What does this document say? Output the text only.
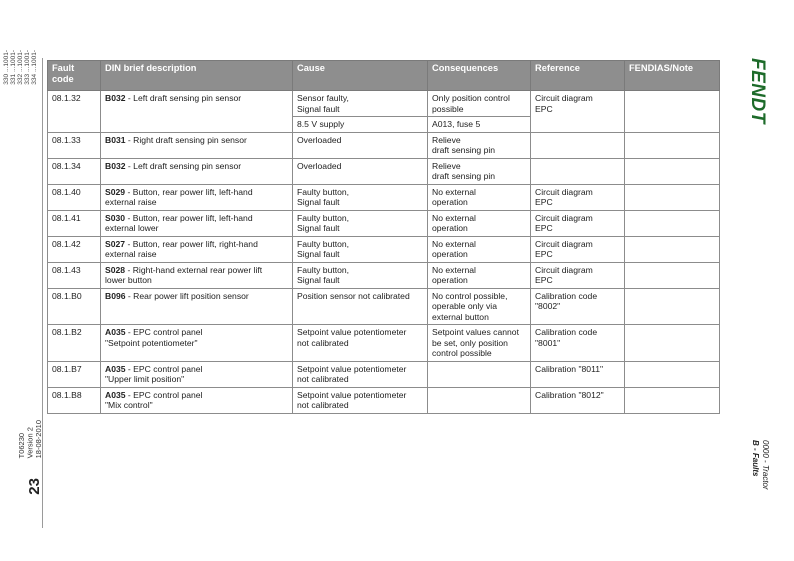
330 ...1001-
331 ...1001-
332 ...1001-
333 ...1001-
334 ...1001-
T06230 Version 2 18-08-2010
23
FENDT
0000 - Tractor
B - Faults
Fault
code	DIN brief description	Cause	Consequences	Reference	FENDIAS/Note
08.1.32	B032 - Left draft sensing pin sensor	Sensor faulty,
Signal fault	Only position control
possible	Circuit diagram
EPC	
		8.5 V supply	A013, fuse 5		
08.1.33	B031 - Right draft sensing pin sensor	Overloaded	Relieve
draft sensing pin		
08.1.34	B032 - Left draft sensing pin sensor	Overloaded	Relieve
draft sensing pin		
08.1.40	S029 - Button, rear power lift, left-hand
external raise	Faulty button,
Signal fault	No external
operation	Circuit diagram
EPC	
08.1.41	S030 - Button, rear power lift, left-hand
external lower	Faulty button,
Signal fault	No external
operation	Circuit diagram
EPC	
08.1.42	S027 - Button, rear power lift, right-hand
external raise	Faulty button,
Signal fault	No external
operation	Circuit diagram
EPC	
08.1.43	S028 - Right-hand external rear power lift
lower button	Faulty button,
Signal fault	No external
operation	Circuit diagram
EPC	
08.1.B0	B096 - Rear power lift position sensor	Position sensor not calibrated	No control possible,
operable only via
external button	Calibration code
"8002"	
08.1.B2	A035 - EPC control panel
"Setpoint potentiometer"	Setpoint value potentiometer
not calibrated	Setpoint values cannot
be set, only position
control possible	Calibration code
"8001"	
08.1.B7	A035 - EPC control panel
"Upper limit position"	Setpoint value potentiometer
not calibrated		Calibration "8011"	
08.1.B8	A035 - EPC control panel
"Mix control"	Setpoint value potentiometer
not calibrated		Calibration "8012"	
